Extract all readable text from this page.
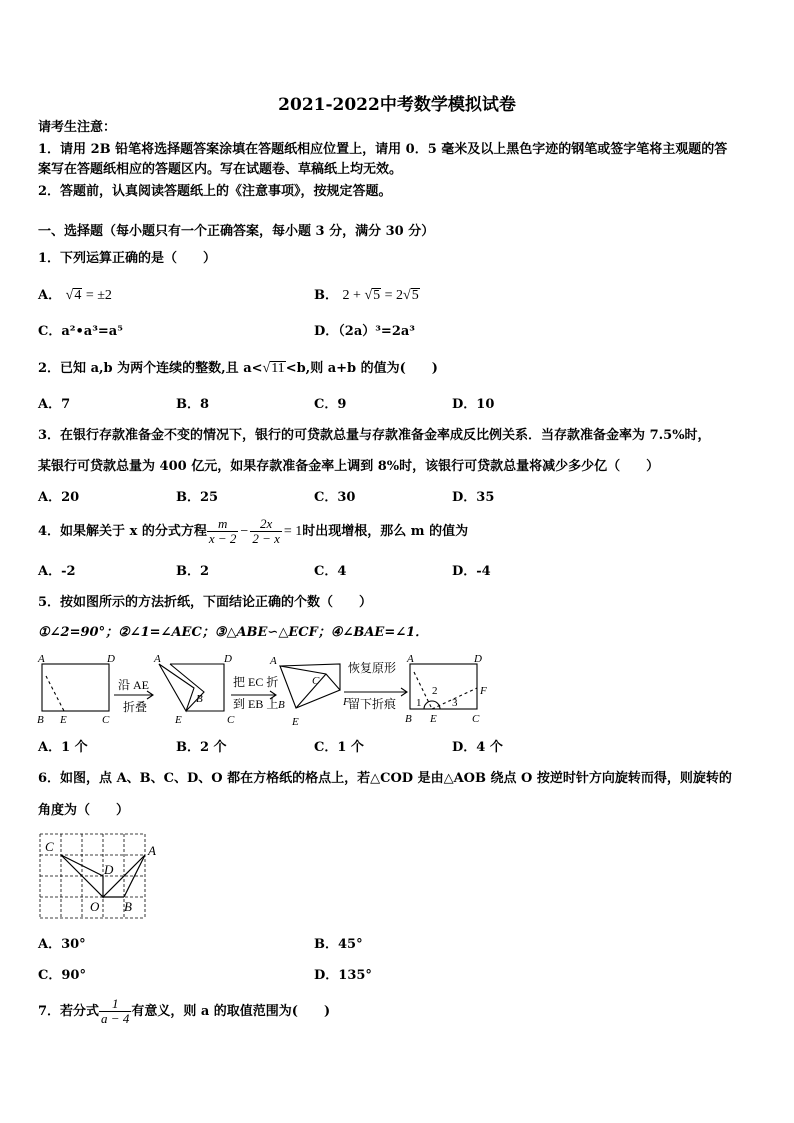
2021-2022中考数学模拟试卷
请考生注意：
1．请用 2B 铅笔将选择题答案涂填在答题纸相应位置上，请用 0．5 毫米及以上黑色字迹的钢笔或签字笔将主观题的答
案写在答题纸相应的答题区内。写在试题卷、草稿纸上均无效。
2．答题前，认真阅读答题纸上的《注意事项》，按规定答题。
一、选择题（每小题只有一个正确答案，每小题 3 分，满分 30 分）
1．下列运算正确的是（　　）
A． √4 = ±2	B． 2 + √5 = 2√5
C．a²•a³=a⁵	D．（2a）³=2a³
2．已知 a,b 为两个连续的整数,且 a<√11<b,则 a+b 的值为(　　)
A．7	B．8	C．9	D．10
3．在银行存款准备金不变的情况下，银行的可贷款总量与存款准备金率成反比例关系．当存款准备金率为 7.5%时，
某银行可贷款总量为 400 亿元，如果存款准备金率上调到 8%时，该银行可贷款总量将减少多少亿（　　）
A．20	B．25	C．30	D．35
4．如果解关于 x 的分式方程 $\frac{m}{x - 2} - \frac{2x}{2 - x} = 1$ 时出现增根，那么 m 的值为
A．-2	B．2	C．4	D．-4
5．按如图所示的方法折纸，下面结论正确的个数（　　）
①∠2=90°；②∠1=∠AEC；③△ABE∽△ECF；④∠BAE=∠1．
A	D
B E	C
A	D
B
E	C
A
C
B	F
E
A	D
F
B E	C
1
2
3
沿 AE
折叠
把 EC 折
到 EB 上
恢复原形
留下折痕
A．1 个	B．2 个	C．1 个	D．4 个
6．如图，点 A、B、C、D、O 都在方格纸的格点上，若△COD 是由△AOB 绕点 O 按逆时针方向旋转而得，则旋转的
角度为（　　）
C	A
D
O B
A．30°	B．45°
C．90°	D．135°
7．若分式 $\frac{1}{a - 4}$ 有意义，则 a 的取值范围为(　　)
